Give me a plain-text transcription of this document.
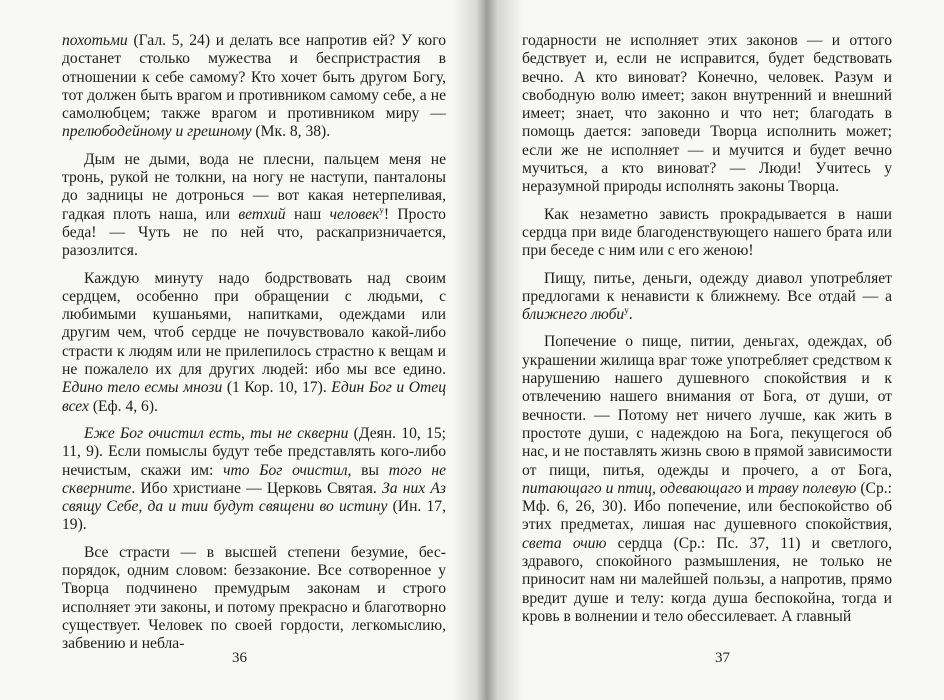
похотьми (Гал. 5, 24) и делать все напротив ей? У кого достанет столько мужества и беспристрастия в отношении к себе самому? Кто хочет быть другом Богу, тот должен быть врагом и противником самому себе, а не самолюбцем; также врагом и противником миру — прелюбодейному и грешному (Мк. 8, 38).

Дым не дыми, вода не плесни, пальцем меня не тронь, рукой не толкни, на ногу не наступи, панталоны до задницы не дотронься — вот какая нетерпеливая, гадкая плоть наша, или ветхий наш человек$^у$! Просто беда! — Чуть не по ней что, раскапризничается, разозлится.

Каждую минуту надо бодрствовать над своим сердцем, особенно при обращении с людьми, с любимыми кушаньями, напитками, одеждами или другим чем, чтоб сердце не почувствовало какой-либо страсти к людям или не прилепилось страстно к вещам и не пожалело их для других людей: ибо мы все едино. Едино тело есмы мнози (1 Кор. 10, 17). Един Бог и Отец всех (Еф. 4, 6).

Еже Бог очистил есть, ты не скверни (Деян. 10, 15; 11, 9). Если помыслы будут тебе представлять кого-либо нечистым, скажи им: что Бог очистил, вы того не скверните. Ибо христиане — Церковь Святая. За них Аз свящу Себе, да и тии будут священи во истину (Ин. 17, 19).

Все страсти — в высшей степени безумие, беспорядок, одним словом: беззаконие. Все сотворенное у Творца подчинено премудрым законам и строго исполняет эти законы, и потому прекрасно и благотворно существует. Человек по своей гордости, легкомыслию, забвению и небла-

36

годарности не исполняет этих законов — и оттого бедствует и, если не исправится, будет бедствовать вечно. А кто виноват? Конечно, человек. Разум и свободную волю имеет; закон внутренний и внешний имеет; знает, что законно и что нет; благодать в помощь дается: заповеди Творца исполнить может; если же не исполняет — и мучится и будет вечно мучиться, а кто виноват? — Люди! Учитесь у неразумной природы исполнять законы Творца.

Как незаметно зависть прокрадывается в наши сердца при виде благоденствующего нашего брата или при беседе с ним или с его женою!

Пищу, питье, деньги, одежду диавол употребляет предлогами к ненависти к ближнему. Все отдай — а ближнего люби$^у$.

Попечение о пище, питии, деньгах, одеждах, об украшении жилища враг тоже употребляет средством к нарушению нашего душевного спокойствия и к отвлечению нашего внимания от Бога, от души, от вечности. — Потому нет ничего лучше, как жить в простоте души, с надеждою на Бога, пекущегося об нас, и не поставлять жизнь свою в прямой зависимости от пищи, питья, одежды и прочего, а от Бога, питающаго и птиц, одевающаго и траву полевую (Ср.: Мф. 6, 26, 30). Ибо попечение, или беспокойство об этих предметах, лишая нас душевного спокойствия, света очию сердца (Ср.: Пс. 37, 11) и светлого, здравого, спокойного размышления, не только не приносит нам ни малейшей пользы, а напротив, прямо вредит душе и телу: когда душа беспокойна, тогда и кровь в волнении и тело обессилевает. А главный

37
